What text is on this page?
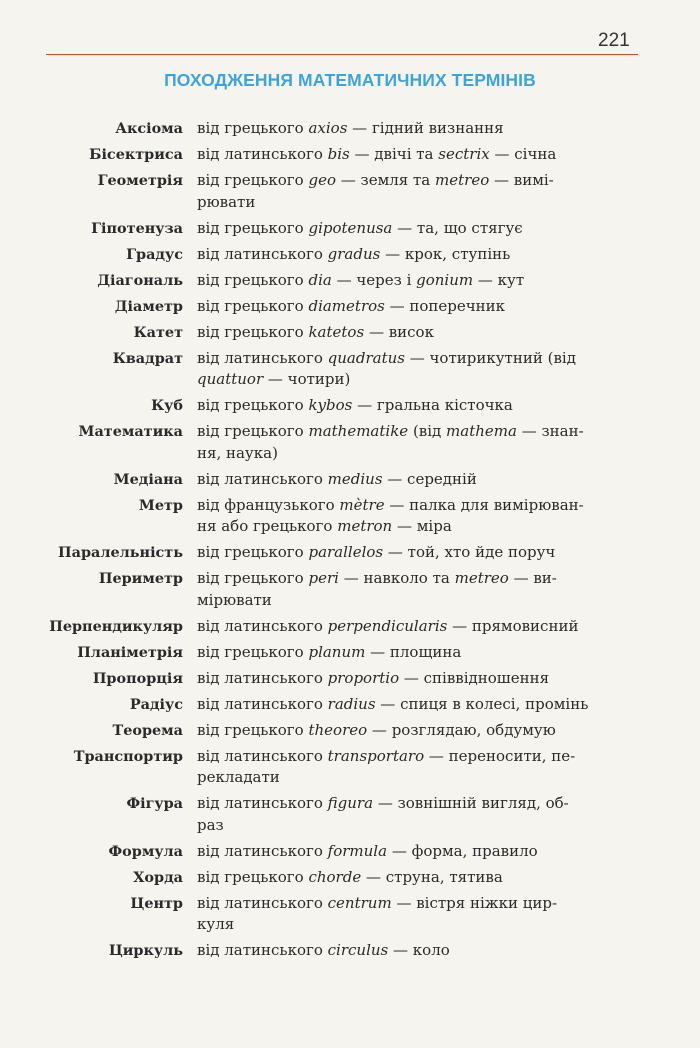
221
ПОХОДЖЕННЯ МАТЕМАТИЧНИХ ТЕРМІНІВ
Аксіома від грецького axios — гідний визнання
Бісектриса від латинського bis — двічі та sectrix — січна
Геометрія від грецького geo — земля та metreo — вимі-
рювати
Гіпотенуза від грецького gipotenusa — та, що стягує
Градус від латинського gradus — крок, ступінь
Діагональ від грецького dia — через і gonium — кут
Діаметр від грецького diametros — поперечник
Катет від грецького katetos — висок
Квадрат від латинського quadratus — чотирикутний (від
quattuor — чотири)
Куб від грецького kybos — гральна кісточка
Математика від грецького mathematike (від mathema — знан-
ня, наука)
Медіана від латинського medius — середній
Метр від французького mètre — палка для вимірюван-
ня або грецького metron — міра
Паралельність від грецького parallelos — той, хто йде поруч
Периметр від грецького peri — навколо та metreo — ви-
мірювати
Перпендикуляр від латинського perpendicularis — прямовисний
Планіметрія від грецького planum — площина
Пропорція від латинського proportio — співвідношення
Радіус від латинського radius — спиця в колесі, промінь
Теорема від грецького theoreo — розглядаю, обдумую
Транспортир від латинського transportaro — переносити, пе-
рекладати
Фігура від латинського figura — зовнішній вигляд, об-
раз
Формула від латинського formula — форма, правило
Хорда від грецького chorde — струна, тятива
Центр від латинського centrum — вістря ніжки цир-
куля
Циркуль від латинського circulus — коло
